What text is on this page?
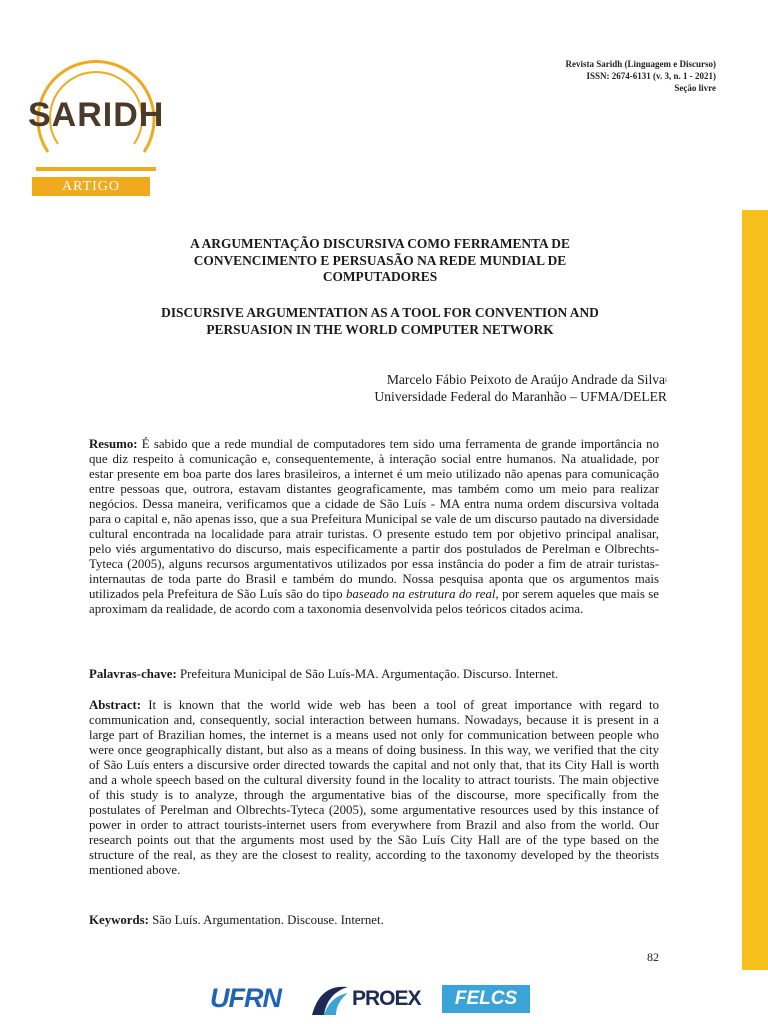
SARIDH
ARTIGO
Revista Saridh (Linguagem e Discurso)
ISSN: 2674-6131 (v. 3, n. 1 - 2021)
Seção livre
A ARGUMENTAÇÃO DISCURSIVA COMO FERRAMENTA DE
CONVENCIMENTO E PERSUASÃO NA REDE MUNDIAL DE
COMPUTADORES
DISCURSIVE ARGUMENTATION AS A TOOL FOR CONVENTION AND
PERSUASION IN THE WORLD COMPUTER NETWORK
Marcelo Fábio Peixoto de Araújo Andrade da Silva$^i$
Universidade Federal do Maranhão – UFMA/DELER
Resumo: É sabido que a rede mundial de computadores tem sido uma ferramenta de grande importância no que diz respeito à comunicação e, consequentemente, à interação social entre humanos. Na atualidade, por estar presente em boa parte dos lares brasileiros, a internet é um meio utilizado não apenas para comunicação entre pessoas que, outrora, estavam distantes geograficamente, mas também como um meio para realizar negócios. Dessa maneira, verificamos que a cidade de São Luís - MA entra numa ordem discursiva voltada para o capital e, não apenas isso, que a sua Prefeitura Municipal se vale de um discurso pautado na diversidade cultural encontrada na localidade para atrair turistas. O presente estudo tem por objetivo principal analisar, pelo viés argumentativo do discurso, mais especificamente a partir dos postulados de Perelman e Olbrechts-Tyteca (2005), alguns recursos argumentativos utilizados por essa instância do poder a fim de atrair turistas-internautas de toda parte do Brasil e também do mundo. Nossa pesquisa aponta que os argumentos mais utilizados pela Prefeitura de São Luís são do tipo baseado na estrutura do real, por serem aqueles que mais se aproximam da realidade, de acordo com a taxonomia desenvolvida pelos teóricos citados acima.
Palavras-chave: Prefeitura Municipal de São Luís-MA. Argumentação. Discurso. Internet.
Abstract: It is known that the world wide web has been a tool of great importance with regard to communication and, consequently, social interaction between humans. Nowadays, because it is present in a large part of Brazilian homes, the internet is a means used not only for communication between people who were once geographically distant, but also as a means of doing business. In this way, we verified that the city of São Luís enters a discursive order directed towards the capital and not only that, that its City Hall is worth and a whole speech based on the cultural diversity found in the locality to attract tourists. The main objective of this study is to analyze, through the argumentative bias of the discourse, more specifically from the postulates of Perelman and Olbrechts-Tyteca (2005), some argumentative resources used by this instance of power in order to attract tourists-internet users from everywhere from Brazil and also from the world. Our research points out that the arguments most used by the São Luís City Hall are of the type based on the structure of the real, as they are the closest to reality, according to the taxonomy developed by the theorists mentioned above.
Keywords: São Luís. Argumentation. Discouse. Internet.
82
UFRN	PROEX	FELCS
